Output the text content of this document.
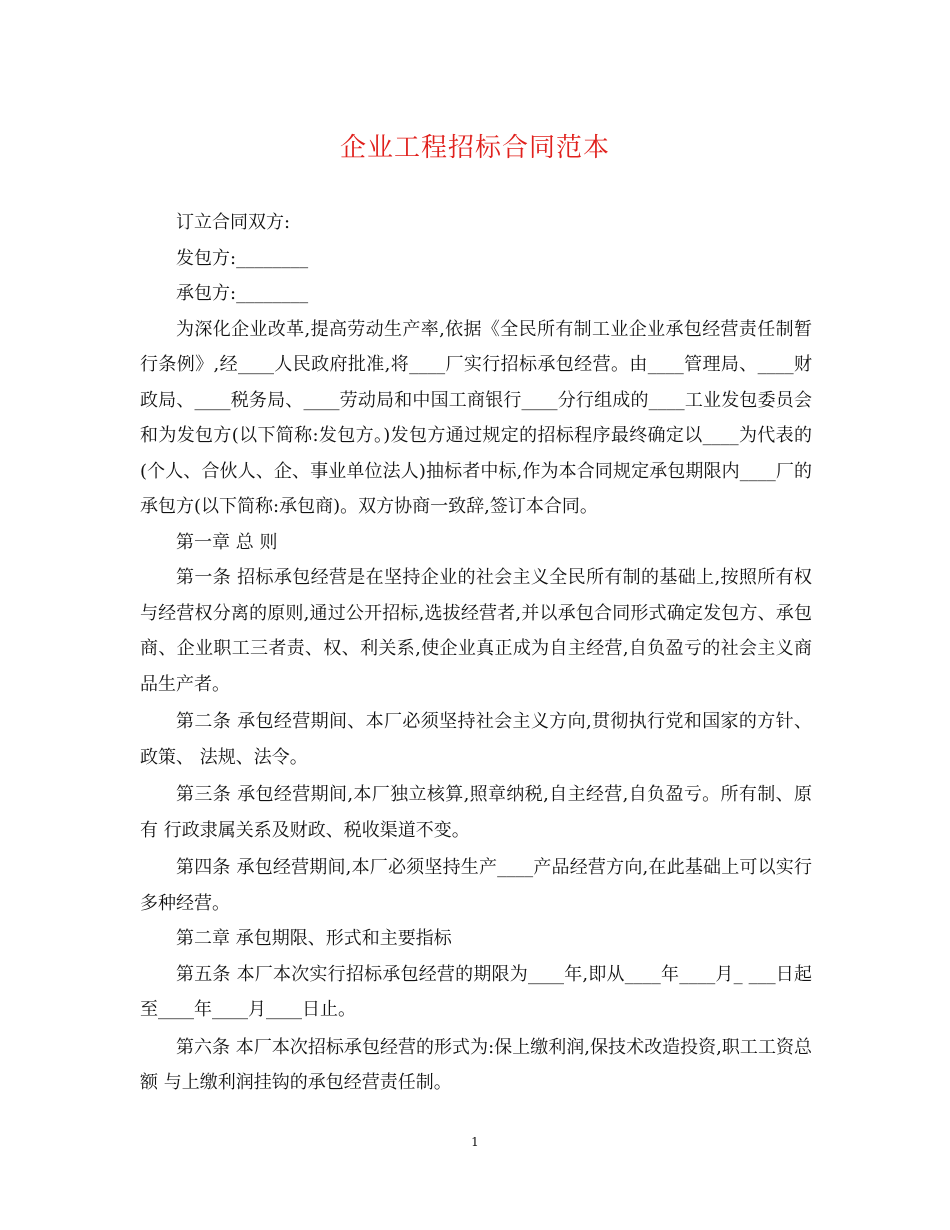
企业工程招标合同范本

订立合同双方:

发包方:________

承包方:________

为深化企业改革,提高劳动生产率,依据《全民所有制工业企业承包经营责任制暂行条例》,经____人民政府批准,将____厂实行招标承包经营。由____管理局、____财政局、____税务局、____劳动局和中国工商银行____分行组成的____工业发包委员会和为发包方(以下简称:发包方。)发包方通过规定的招标程序最终确定以____为代表的(个人、合伙人、企、事业单位法人)抽标者中标,作为本合同规定承包期限内____厂的承包方(以下简称:承包商)。双方协商一致辞,签订本合同。

第一章 总 则

第一条 招标承包经营是在坚持企业的社会主义全民所有制的基础上,按照所有权与经营权分离的原则,通过公开招标,选拔经营者,并以承包合同形式确定发包方、承包商、企业职工三者责、权、利关系,使企业真正成为自主经营,自负盈亏的社会主义商品生产者。

第二条 承包经营期间、本厂必须坚持社会主义方向,贯彻执行党和国家的方针、政策、 法规、法令。

第三条 承包经营期间,本厂独立核算,照章纳税,自主经营,自负盈亏。所有制、原有 行政隶属关系及财政、税收渠道不变。

第四条 承包经营期间,本厂必须坚持生产____产品经营方向,在此基础上可以实行 多种经营。

第二章 承包期限、形式和主要指标

第五条 本厂本次实行招标承包经营的期限为____年,即从____年____月_ ___日起至____年____月____日止。

第六条 本厂本次招标承包经营的形式为:保上缴利润,保技术改造投资,职工工资总额 与上缴利润挂钩的承包经营责任制。

1
